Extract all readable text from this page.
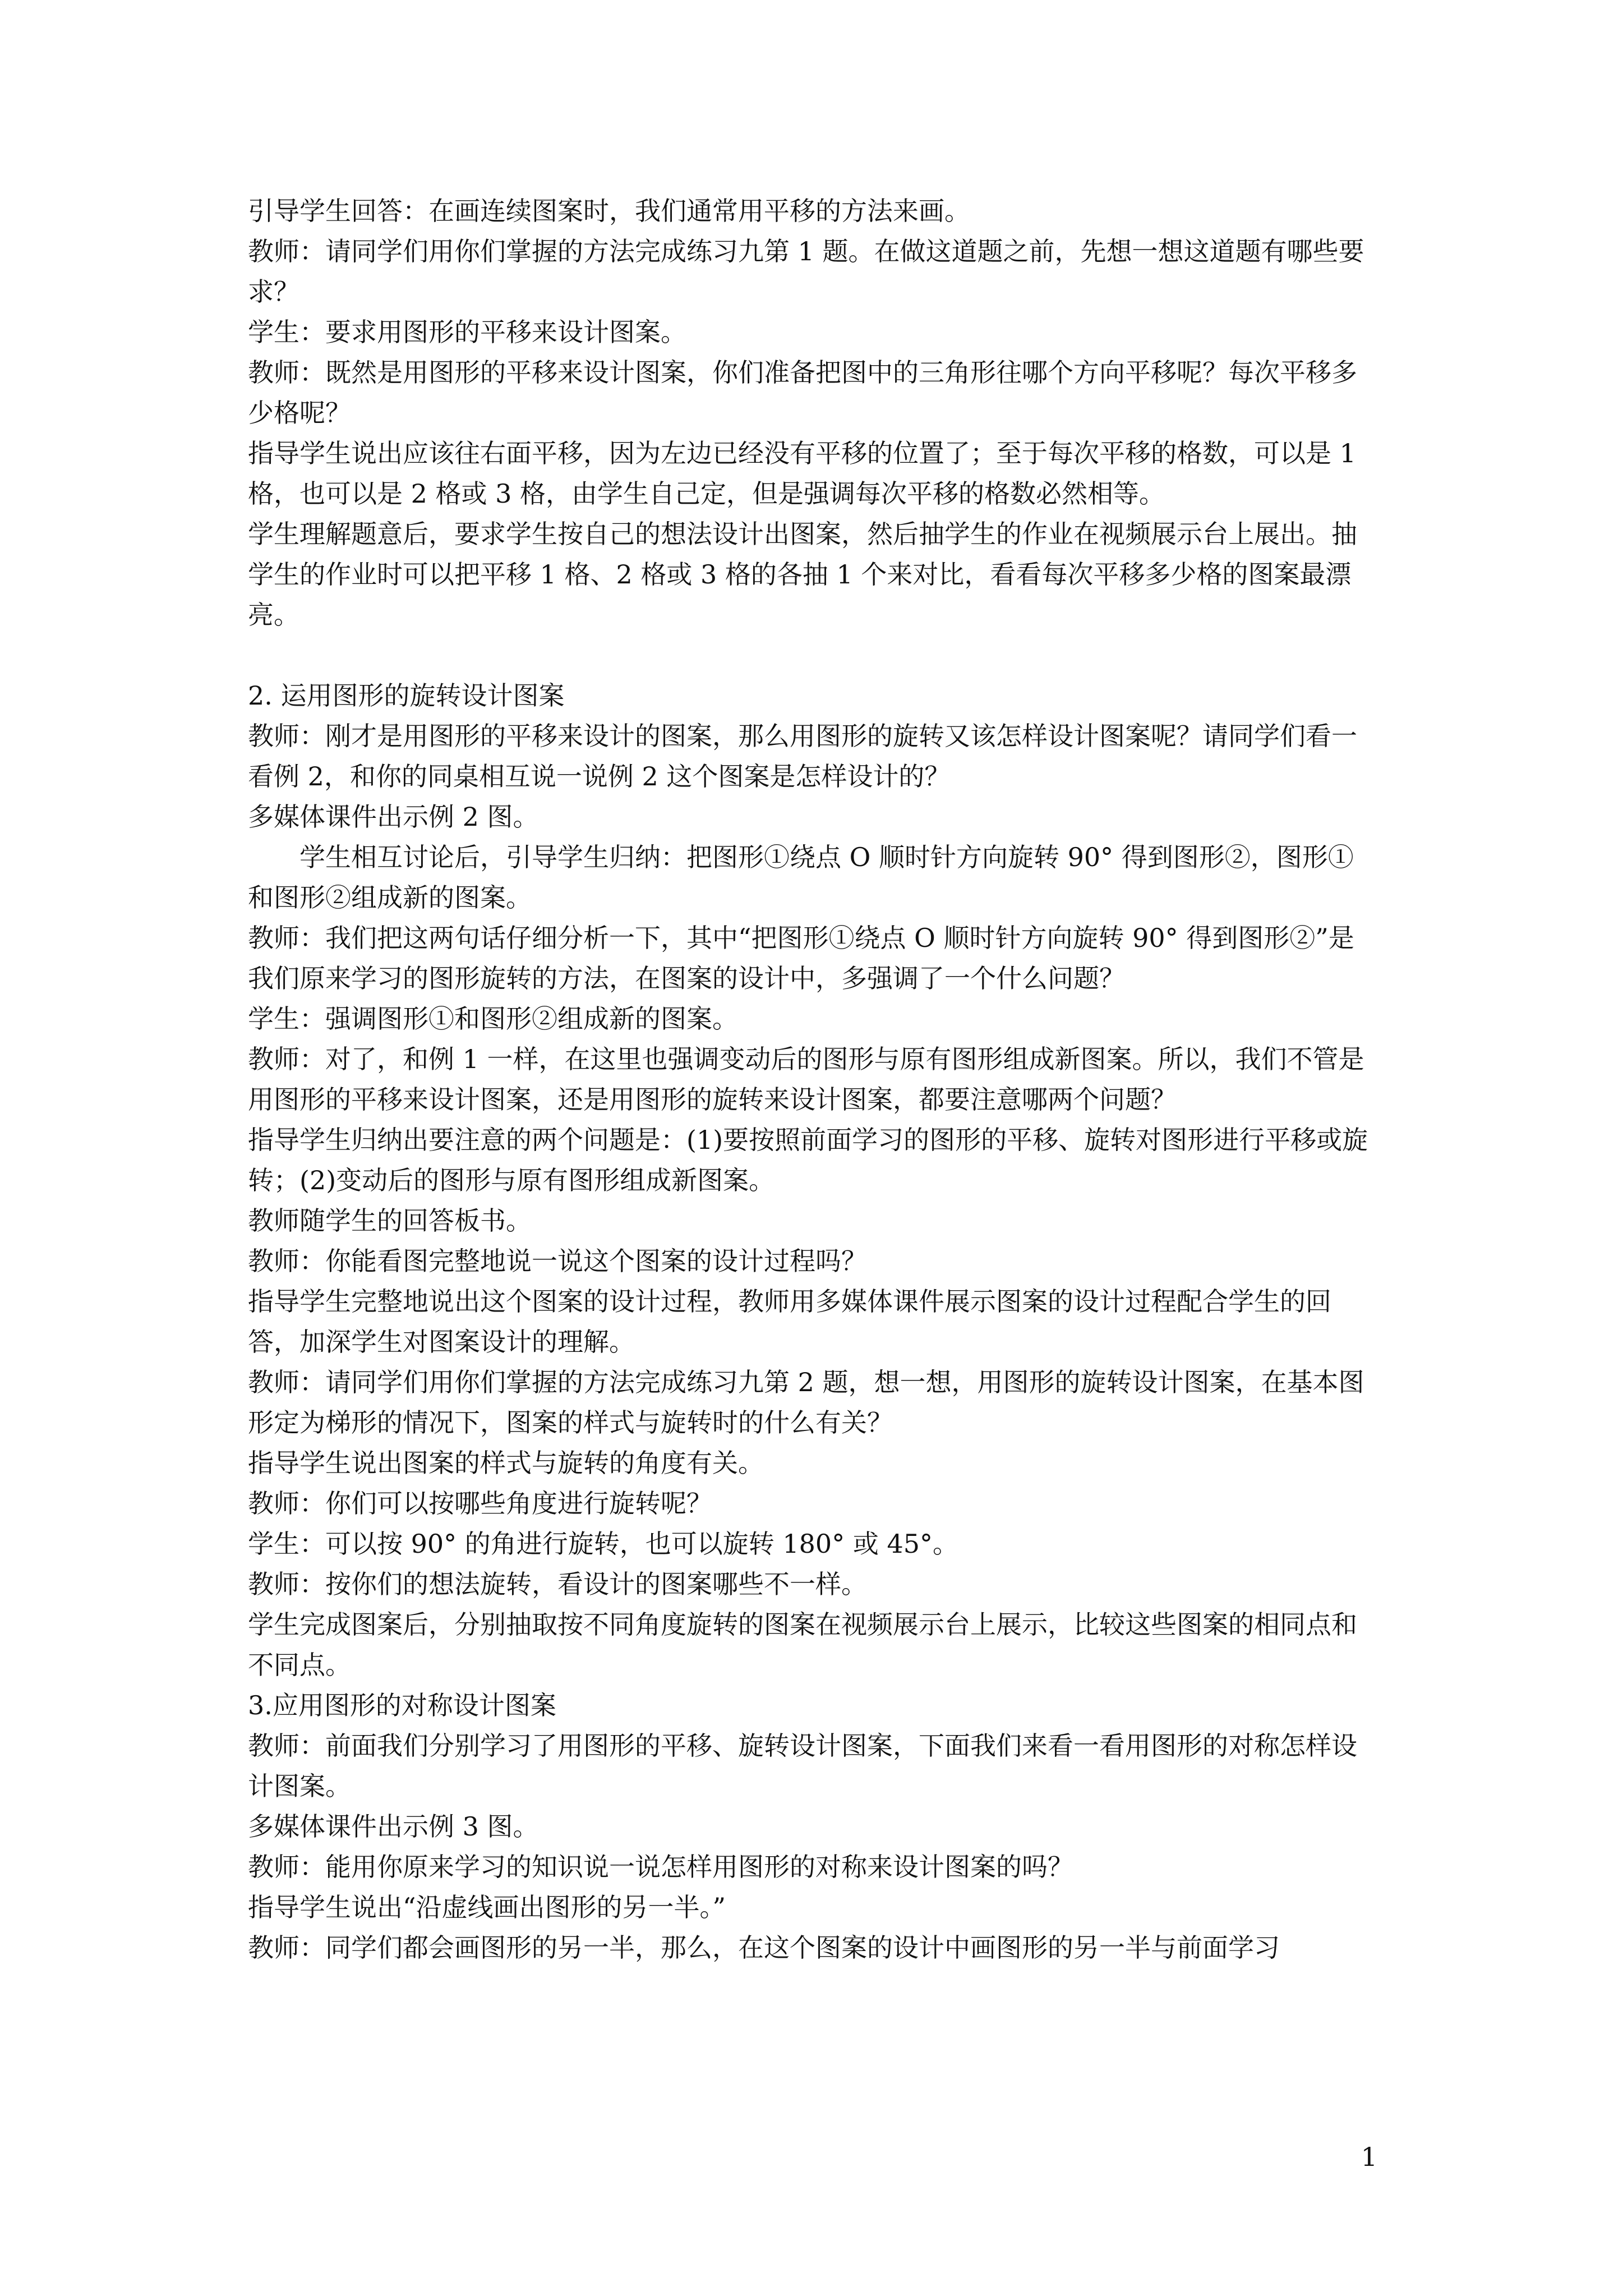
引导学生回答：在画连续图案时，我们通常用平移的方法来画。

教师：请同学们用你们掌握的方法完成练习九第 1 题。在做这道题之前，先想一想这道题有哪些要求？

学生：要求用图形的平移来设计图案。

教师：既然是用图形的平移来设计图案，你们准备把图中的三角形往哪个方向平移呢？每次平移多少格呢？

指导学生说出应该往右面平移，因为左边已经没有平移的位置了；至于每次平移的格数，可以是 1 格，也可以是 2 格或 3 格，由学生自己定，但是强调每次平移的格数必然相等。

学生理解题意后，要求学生按自己的想法设计出图案，然后抽学生的作业在视频展示台上展出。抽学生的作业时可以把平移 1 格、2 格或 3 格的各抽 1 个来对比，看看每次平移多少格的图案最漂亮。

2. 运用图形的旋转设计图案

教师：刚才是用图形的平移来设计的图案，那么用图形的旋转又该怎样设计图案呢？请同学们看一看例 2，和你的同桌相互说一说例 2 这个图案是怎样设计的？

多媒体课件出示例 2 图。

学生相互讨论后，引导学生归纳：把图形①绕点 O 顺时针方向旋转 90° 得到图形②，图形①和图形②组成新的图案。

教师：我们把这两句话仔细分析一下，其中“把图形①绕点 O 顺时针方向旋转 90° 得到图形②”是我们原来学习的图形旋转的方法，在图案的设计中，多强调了一个什么问题？

学生：强调图形①和图形②组成新的图案。

教师：对了，和例 1 一样，在这里也强调变动后的图形与原有图形组成新图案。所以，我们不管是用图形的平移来设计图案，还是用图形的旋转来设计图案，都要注意哪两个问题？

指导学生归纳出要注意的两个问题是：(1)要按照前面学习的图形的平移、旋转对图形进行平移或旋转；(2)变动后的图形与原有图形组成新图案。

教师随学生的回答板书。

教师：你能看图完整地说一说这个图案的设计过程吗？

指导学生完整地说出这个图案的设计过程，教师用多媒体课件展示图案的设计过程配合学生的回答，加深学生对图案设计的理解。

教师：请同学们用你们掌握的方法完成练习九第 2 题，想一想，用图形的旋转设计图案，在基本图形定为梯形的情况下，图案的样式与旋转时的什么有关？

指导学生说出图案的样式与旋转的角度有关。

教师：你们可以按哪些角度进行旋转呢？

学生：可以按 90° 的角进行旋转，也可以旋转 180° 或 45°。

教师：按你们的想法旋转，看设计的图案哪些不一样。

学生完成图案后，分别抽取按不同角度旋转的图案在视频展示台上展示，比较这些图案的相同点和不同点。

3.应用图形的对称设计图案

教师：前面我们分别学习了用图形的平移、旋转设计图案，下面我们来看一看用图形的对称怎样设计图案。

多媒体课件出示例 3 图。

教师：能用你原来学习的知识说一说怎样用图形的对称来设计图案的吗？

指导学生说出“沿虚线画出图形的另一半。”

教师：同学们都会画图形的另一半，那么，在这个图案的设计中画图形的另一半与前面学习

1
